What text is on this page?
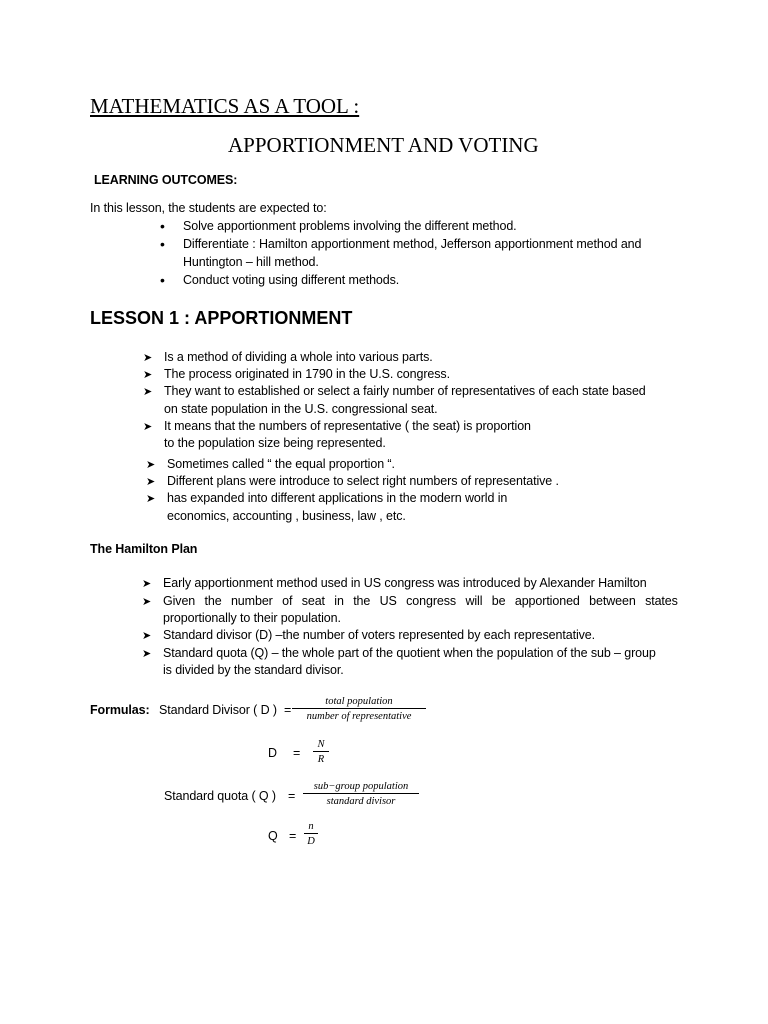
MATHEMATICS AS A TOOL :
APPORTIONMENT AND VOTING
LEARNING OUTCOMES:
In this lesson, the students are expected to:
• Solve apportionment problems involving the different method.
• Differentiate : Hamilton apportionment method, Jefferson apportionment method and
Huntington – hill method.
• Conduct voting using different methods.
LESSON 1 : APPORTIONMENT
➤ Is a method of dividing a whole into various parts.
➤ The process originated in 1790 in the U.S. congress.
➤ They want to established or select a fairly number of representatives of each state based
on state population in the U.S. congressional seat.
➤ It means that the numbers of representative ( the seat) is proportion
to the population size being represented.
➤ Sometimes called “ the equal proportion “.
➤ Different plans were introduce to select right numbers of representative .
➤ has expanded into different applications in the modern world in
economics, accounting , business, law , etc.
The Hamilton Plan
➤ Early apportionment method used in US congress was introduced by Alexander Hamilton
➤ Given the number of seat in the US congress will be apportioned between states
proportionally to their population.
➤ Standard divisor (D) –the number of voters represented by each representative.
➤ Standard quota (Q) – the whole part of the quotient when the population of the sub – group
is divided by the standard divisor.
Formulas: Standard Divisor ( D ) =
total population
number of representative
D =
N
R
Standard quota ( Q ) =
sub−group population
standard divisor
Q =
n
D
